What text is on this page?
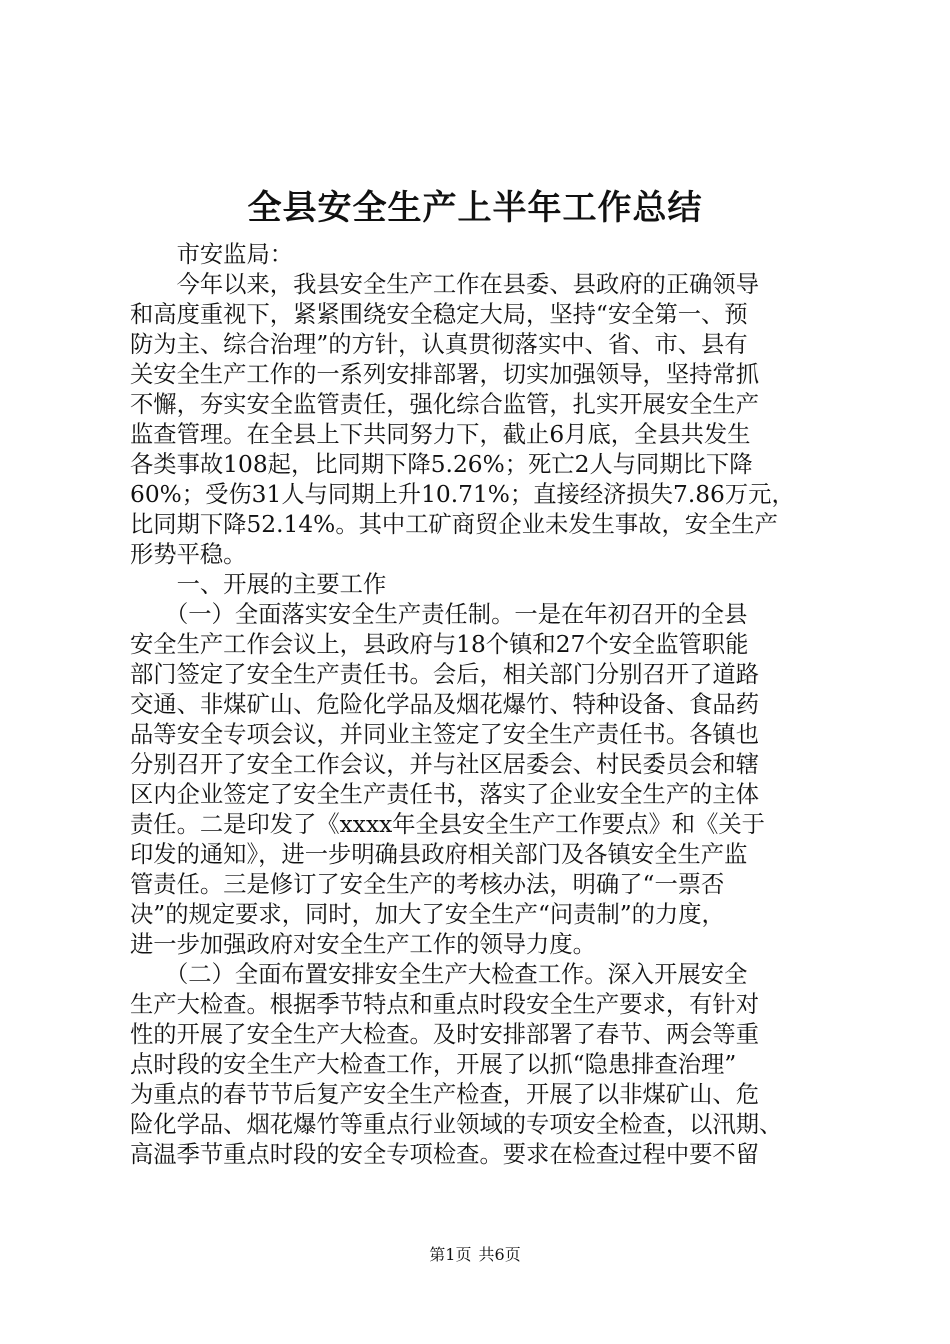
全县安全生产上半年工作总结
　　市安监局：
　　今年以来，我县安全生产工作在县委、县政府的正确领导
和高度重视下，紧紧围绕安全稳定大局，坚持“安全第一、预
防为主、综合治理”的方针，认真贯彻落实中、省、市、县有
关安全生产工作的一系列安排部署，切实加强领导，坚持常抓
不懈，夯实安全监管责任，强化综合监管，扎实开展安全生产
监查管理。在全县上下共同努力下，截止6月底，全县共发生
各类事故108起，比同期下降5.26%；死亡2人与同期比下降
60%；受伤31人与同期上升10.71%；直接经济损失7.86万元，
比同期下降52.14%。其中工矿商贸企业未发生事故，安全生产
形势平稳。
　　一、开展的主要工作
　　（一）全面落实安全生产责任制。一是在年初召开的全县
安全生产工作会议上，县政府与18个镇和27个安全监管职能
部门签定了安全生产责任书。会后，相关部门分别召开了道路
交通、非煤矿山、危险化学品及烟花爆竹、特种设备、食品药
品等安全专项会议，并同业主签定了安全生产责任书。各镇也
分别召开了安全工作会议，并与社区居委会、村民委员会和辖
区内企业签定了安全生产责任书，落实了企业安全生产的主体
责任。二是印发了《xxxx年全县安全生产工作要点》和《关于
印发的通知》，进一步明确县政府相关部门及各镇安全生产监
管责任。三是修订了安全生产的考核办法，明确了“一票否
决”的规定要求，同时，加大了安全生产“问责制”的力度，
进一步加强政府对安全生产工作的领导力度。
　　（二）全面布置安排安全生产大检查工作。深入开展安全
生产大检查。根据季节特点和重点时段安全生产要求，有针对
性的开展了安全生产大检查。及时安排部署了春节、两会等重
点时段的安全生产大检查工作，开展了以抓“隐患排查治理”
为重点的春节节后复产安全生产检查，开展了以非煤矿山、危
险化学品、烟花爆竹等重点行业领域的专项安全检查，以汛期、
高温季节重点时段的安全专项检查。要求在检查过程中要不留
第1页 共6页
